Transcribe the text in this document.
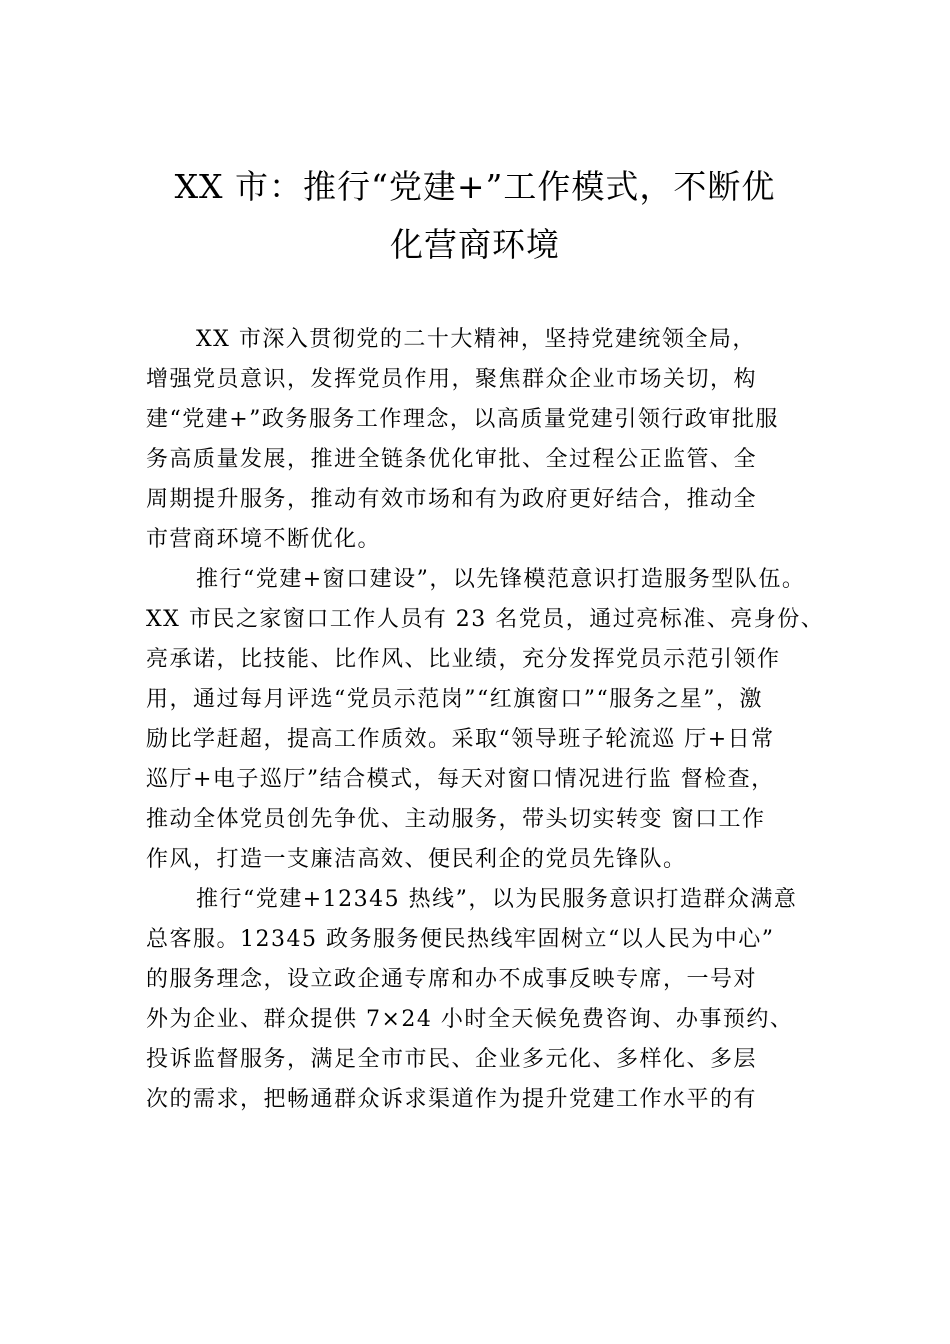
XX 市：推行“党建+”工作模式，不断优
化营商环境
XX 市深入贯彻党的二十大精神，坚持党建统领全局，
增强党员意识，发挥党员作用，聚焦群众企业市场关切，构
建“党建+”政务服务工作理念，以高质量党建引领行政审批服
务高质量发展，推进全链条优化审批、全过程公正监管、全
周期提升服务，推动有效市场和有为政府更好结合，推动全
市营商环境不断优化。
推行“党建+窗口建设”，以先锋模范意识打造服务型队伍。
XX 市民之家窗口工作人员有 23 名党员，通过亮标准、亮身份、
亮承诺，比技能、比作风、比业绩，充分发挥党员示范引领作
用，通过每月评选“党员示范岗”“红旗窗口”“服务之星”，激
励比学赶超，提高工作质效。采取“领导班子轮流巡 厅+日常
巡厅+电子巡厅”结合模式，每天对窗口情况进行监 督检查，
推动全体党员创先争优、主动服务，带头切实转变 窗口工作
作风，打造一支廉洁高效、便民利企的党员先锋队。
推行“党建+12345 热线”，以为民服务意识打造群众满意
总客服。12345 政务服务便民热线牢固树立“以人民为中心”
的服务理念，设立政企通专席和办不成事反映专席，一号对
外为企业、群众提供 7×24 小时全天候免费咨询、办事预约、
投诉监督服务，满足全市市民、企业多元化、多样化、多层
次的需求，把畅通群众诉求渠道作为提升党建工作水平的有
